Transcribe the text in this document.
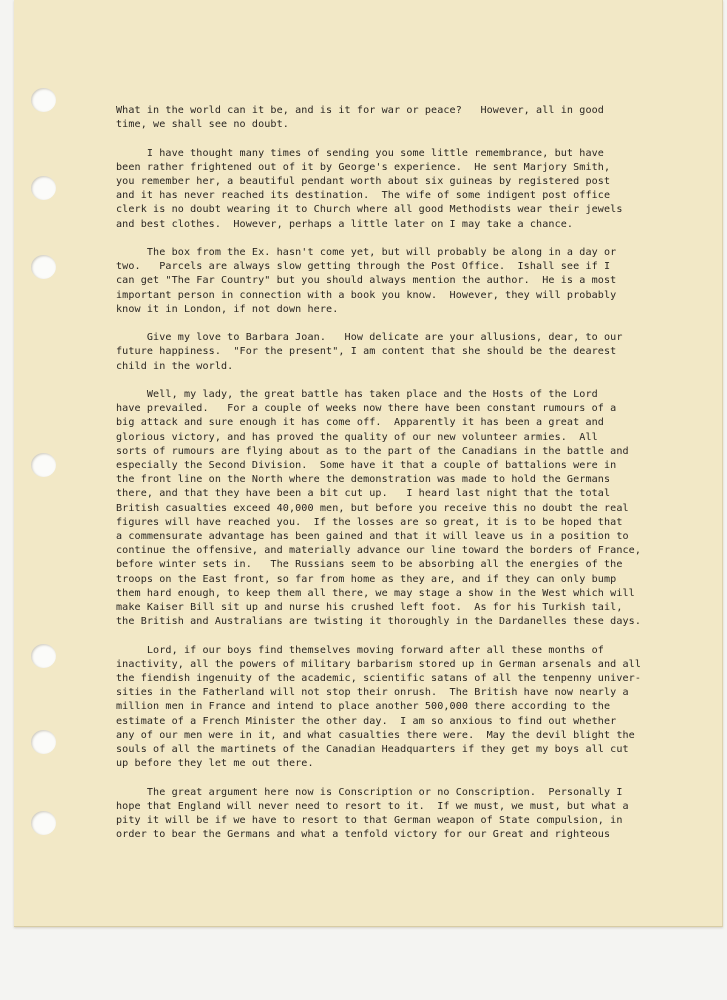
What in the world can it be, and is it for war or peace?   However, all in good
time, we shall see no doubt.
I have thought many times of sending you some little remembrance, but have
been rather frightened out of it by George's experience.  He sent Marjory Smith,
you remember her, a beautiful pendant worth about six guineas by registered post
and it has never reached its destination.  The wife of some indigent post office
clerk is no doubt wearing it to Church where all good Methodists wear their jewels
and best clothes.  However, perhaps a little later on I may take a chance.
The box from the Ex. hasn't come yet, but will probably be along in a day or
two.   Parcels are always slow getting through the Post Office.  Ishall see if I
can get "The Far Country" but you should always mention the author.  He is a most
important person in connection with a book you know.  However, they will probably
know it in London, if not down here.
Give my love to Barbara Joan.   How delicate are your allusions, dear, to our
future happiness.  "For the present", I am content that she should be the dearest
child in the world.
Well, my lady, the great battle has taken place and the Hosts of the Lord
have prevailed.   For a couple of weeks now there have been constant rumours of a
big attack and sure enough it has come off.  Apparently it has been a great and
glorious victory, and has proved the quality of our new volunteer armies.  All
sorts of rumours are flying about as to the part of the Canadians in the battle and
especially the Second Division.  Some have it that a couple of battalions were in
the front line on the North where the demonstration was made to hold the Germans
there, and that they have been a bit cut up.   I heard last night that the total
British casualties exceed 40,000 men, but before you receive this no doubt the real
figures will have reached you.  If the losses are so great, it is to be hoped that
a commensurate advantage has been gained and that it will leave us in a position to
continue the offensive, and materially advance our line toward the borders of France,
before winter sets in.   The Russians seem to be absorbing all the energies of the
troops on the East front, so far from home as they are, and if they can only bump
them hard enough, to keep them all there, we may stage a show in the West which will
make Kaiser Bill sit up and nurse his crushed left foot.  As for his Turkish tail,
the British and Australians are twisting it thoroughly in the Dardanelles these days.
Lord, if our boys find themselves moving forward after all these months of
inactivity, all the powers of military barbarism stored up in German arsenals and all
the fiendish ingenuity of the academic, scientific satans of all the tenpenny univer-
sities in the Fatherland will not stop their onrush.  The British have now nearly a
million men in France and intend to place another 500,000 there according to the
estimate of a French Minister the other day.  I am so anxious to find out whether
any of our men were in it, and what casualties there were.  May the devil blight the
souls of all the martinets of the Canadian Headquarters if they get my boys all cut
up before they let me out there.
The great argument here now is Conscription or no Conscription.  Personally I
hope that England will never need to resort to it.  If we must, we must, but what a
pity it will be if we have to resort to that German weapon of State compulsion, in
order to bear the Germans and what a tenfold victory for our Great and righteous
